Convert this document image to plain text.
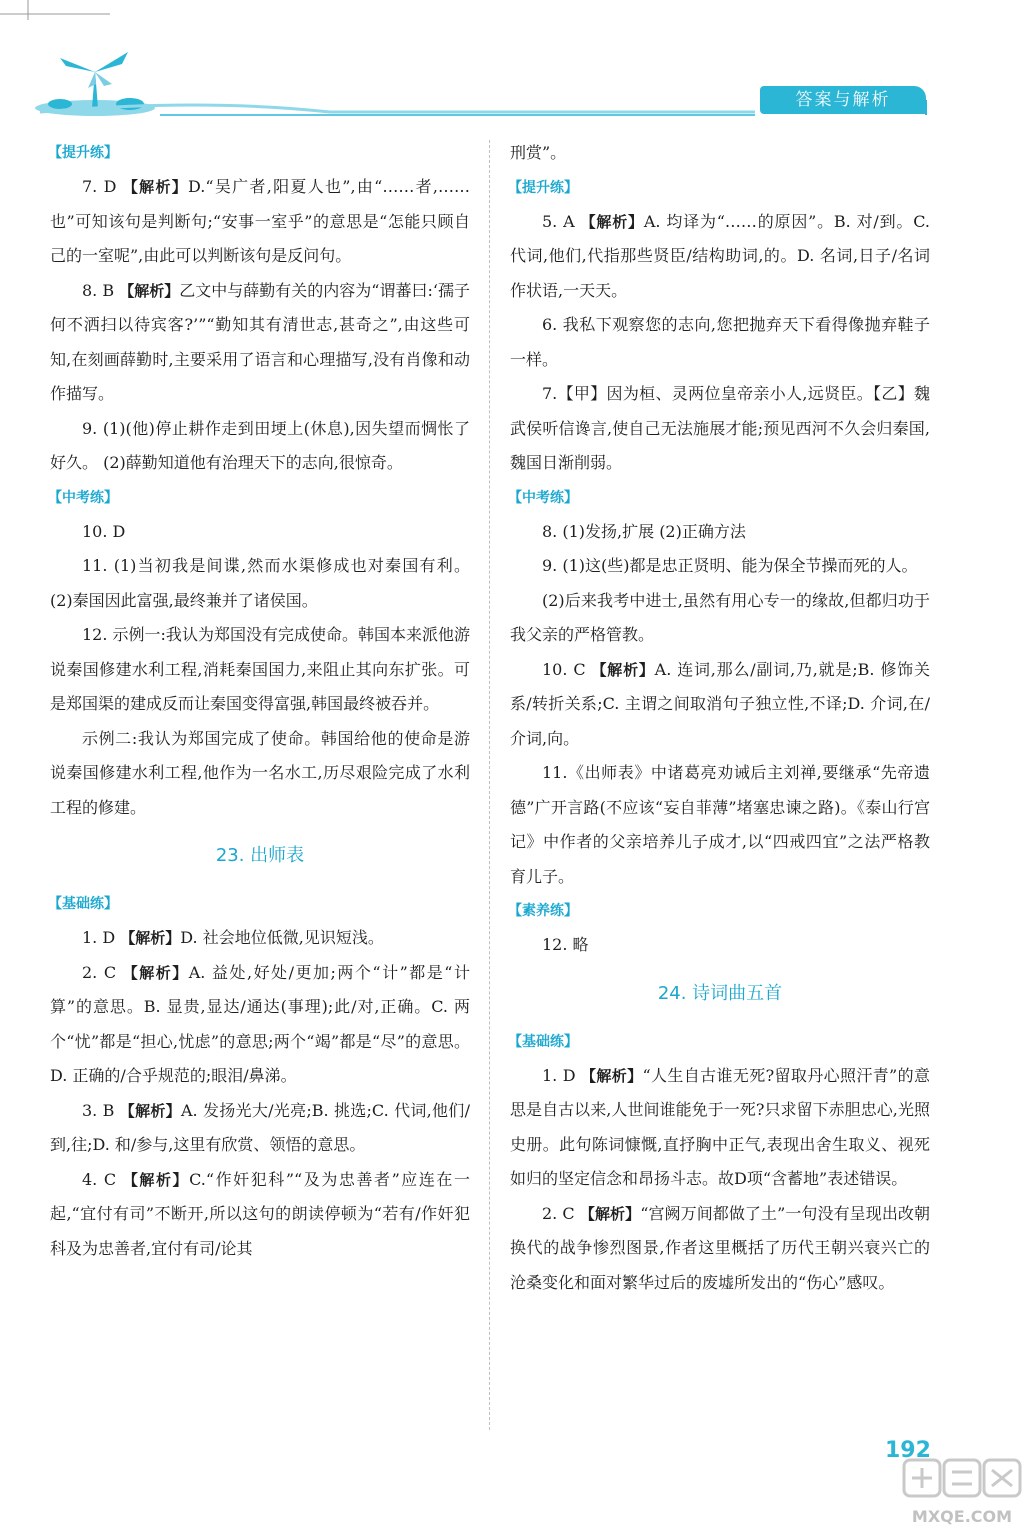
答案与解析
【 提升练 】

7. D 【解析】D.“吴广者,阳夏人也”,由“……者,……也”可知该句是判断句;“安事一室乎”的意思是“怎能只顾自己的一室呢”,由此可以判断该句是反问句。

8. B 【解析】乙文中与薛勤有关的内容为“谓蕃曰:‘孺子何不洒扫以待宾客?’”“勤知其有清世志,甚奇之”,由这些可知,在刻画薛勤时,主要采用了语言和心理描写,没有肖像和动作描写。

9. (1)(他)停止耕作走到田埂上(休息),因失望而惆怅了好久。 (2)薛勤知道他有治理天下的志向,很惊奇。

【 中考练 】

10. D

11. (1)当初我是间谍,然而水渠修成也对秦国有利。 (2)秦国因此富强,最终兼并了诸侯国。

12. 示例一:我认为郑国没有完成使命。韩国本来派他游说秦国修建水利工程,消耗秦国国力,来阻止其向东扩张。可是郑国渠的建成反而让秦国变得富强,韩国最终被吞并。

示例二:我认为郑国完成了使命。韩国给他的使命是游说秦国修建水利工程,他作为一名水工,历尽艰险完成了水利工程的修建。

23. 出师表
【 基础练 】

1. D 【解析】D. 社会地位低微,见识短浅。

2. C 【解析】A. 益处,好处/更加;两个“计”都是“计算”的意思。B. 显贵,显达/通达(事理);此/对,正确。C. 两个“忧”都是“担心,忧虑”的意思;两个“竭”都是“尽”的意思。D. 正确的/合乎规范的;眼泪/鼻涕。

3. B 【解析】A. 发扬光大/光亮;B. 挑选;C. 代词,他们/到,往;D. 和/参与,这里有欣赏、领悟的意思。

4. C 【解析】C.“作奸犯科”“及为忠善者”应连在一起,“宜付有司”不断开,所以这句的朗读停顿为“若有/作奸犯科及为忠善者,宜付有司/论其

刑赏”。

【 提升练 】

5. A 【解析】A. 均译为“……的原因”。B. 对/到。C. 代词,他们,代指那些贤臣/结构助词,的。D. 名词,日子/名词作状语,一天天。

6. 我私下观察您的志向,您把抛弃天下看得像抛弃鞋子一样。

7.【甲】因为桓、灵两位皇帝亲小人,远贤臣。【乙】魏武侯听信谗言,使自己无法施展才能;预见西河不久会归秦国,魏国日渐削弱。

【 中考练 】

8. (1)发扬,扩展 (2)正确方法

9. (1)这(些)都是忠正贤明、能为保全节操而死的人。

(2)后来我考中进士,虽然有用心专一的缘故,但都归功于我父亲的严格管教。

10. C 【解析】A. 连词,那么/副词,乃,就是;B. 修饰关系/转折关系;C. 主谓之间取消句子独立性,不译;D. 介词,在/介词,向。

11.《出师表》中诸葛亮劝诫后主刘禅,要继承“先帝遗德”广开言路(不应该“妄自菲薄”堵塞忠谏之路)。《泰山行宫记》中作者的父亲培养儿子成才,以“四戒四宜”之法严格教育儿子。

【 素养练 】

12. 略

24. 诗词曲五首
【 基础练 】

1. D 【解析】“人生自古谁无死?留取丹心照汗青”的意思是自古以来,人世间谁能免于一死?只求留下赤胆忠心,光照史册。此句陈词慷慨,直抒胸中正气,表现出舍生取义、视死如归的坚定信念和昂扬斗志。故D项“含蓄地”表述错误。

2. C 【解析】“宫阙万间都做了土”一句没有呈现出改朝换代的战争惨烈图景,作者这里概括了历代王朝兴衰兴亡的沧桑变化和面对繁华过后的废墟所发出的“伤心”感叹。

192
MXQE.COM
